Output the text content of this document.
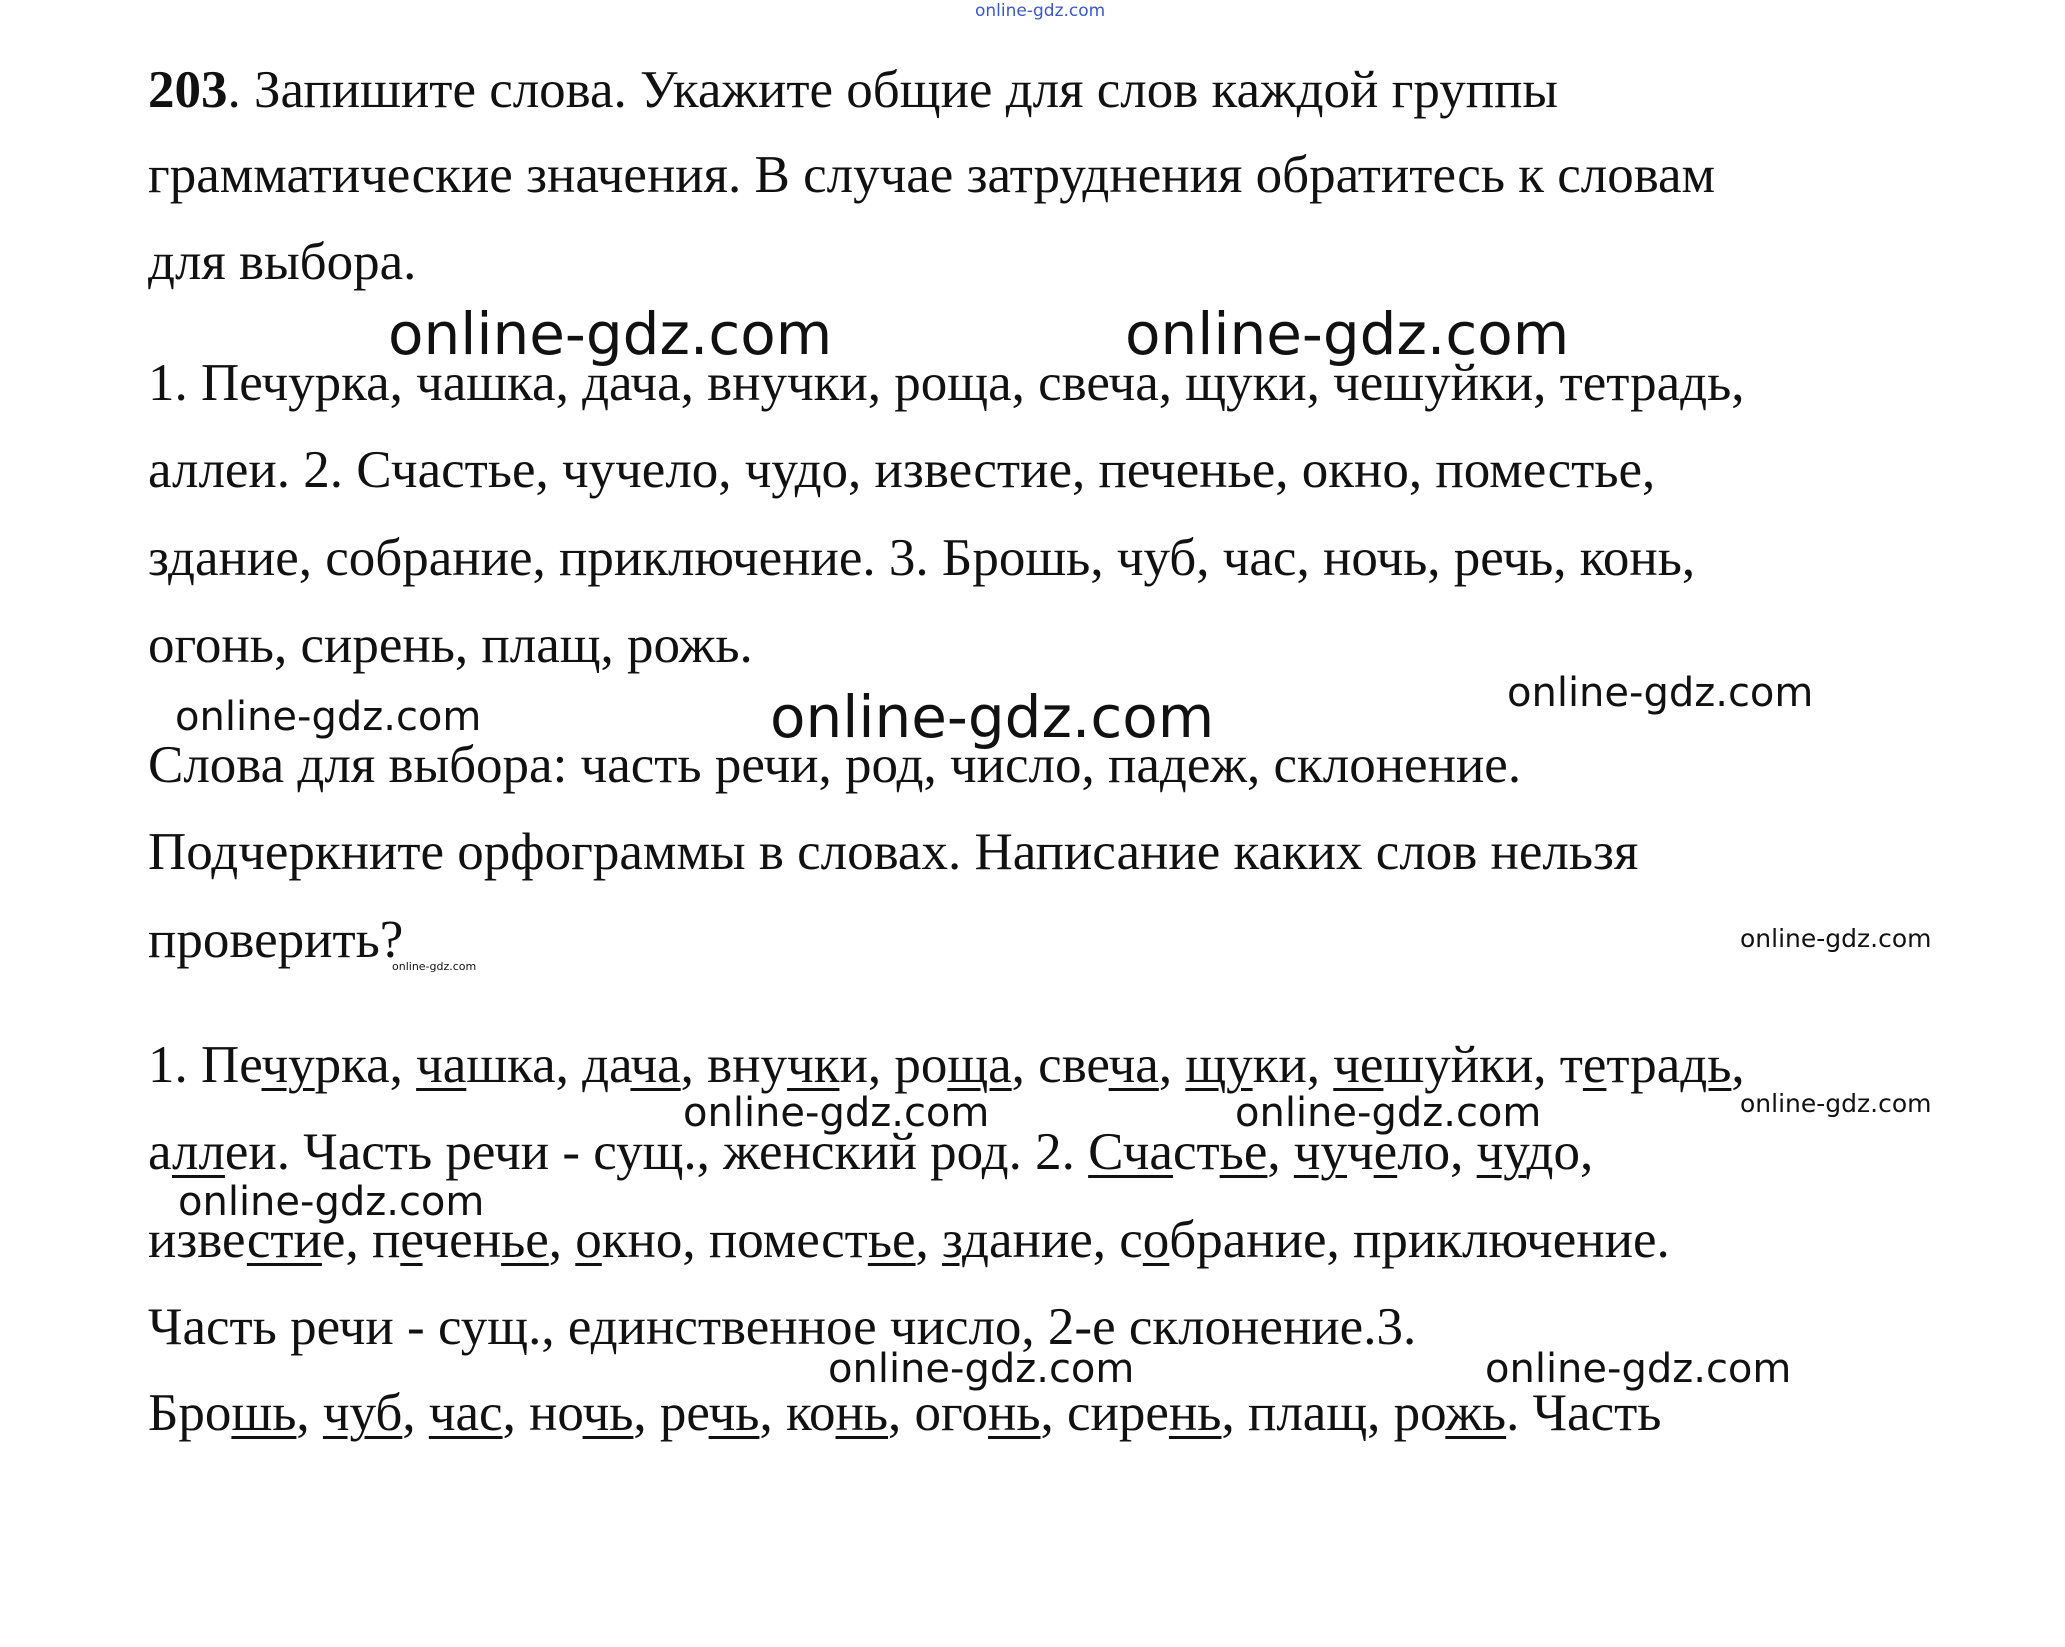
online-gdz.com
203. Запишите слова. Укажите общие для слов каждой группы
грамматические значения. В случае затруднения обратитесь к словам
для выбора.
1. Печурка, чашка, дача, внучки, роща, свеча, щуки, чешуйки, тетрадь,
аллеи. 2. Счастье, чучело, чудо, известие, печенье, окно, поместье,
здание, собрание, приключение. 3. Брошь, чуб, час, ночь, речь, конь,
огонь, сирень, плащ, рожь.
Слова для выбора: часть речи, род, число, падеж, склонение.
Подчеркните орфограммы в словах. Написание каких слов нельзя
проверить?
1. Печурка, чашка, дача, внучки, роща, свеча, щуки, чешуйки, тетрадь,
аллеи. Часть речи - сущ., женский род. 2. Счастье, чучело, чудо,
известие, печенье, окно, поместье, здание, собрание, приключение.
Часть речи - сущ., единственное число, 2-е склонение.3.
Брошь, чуб, час, ночь, речь, конь, огонь, сирень, плащ, рожь. Часть
online-gdz.com	online-gdz.com
online-gdz.com	online-gdz.com	online-gdz.com
online-gdz.com
online-gdz.com
online-gdz.com	online-gdz.com	online-gdz.com
online-gdz.com
online-gdz.com	online-gdz.com
